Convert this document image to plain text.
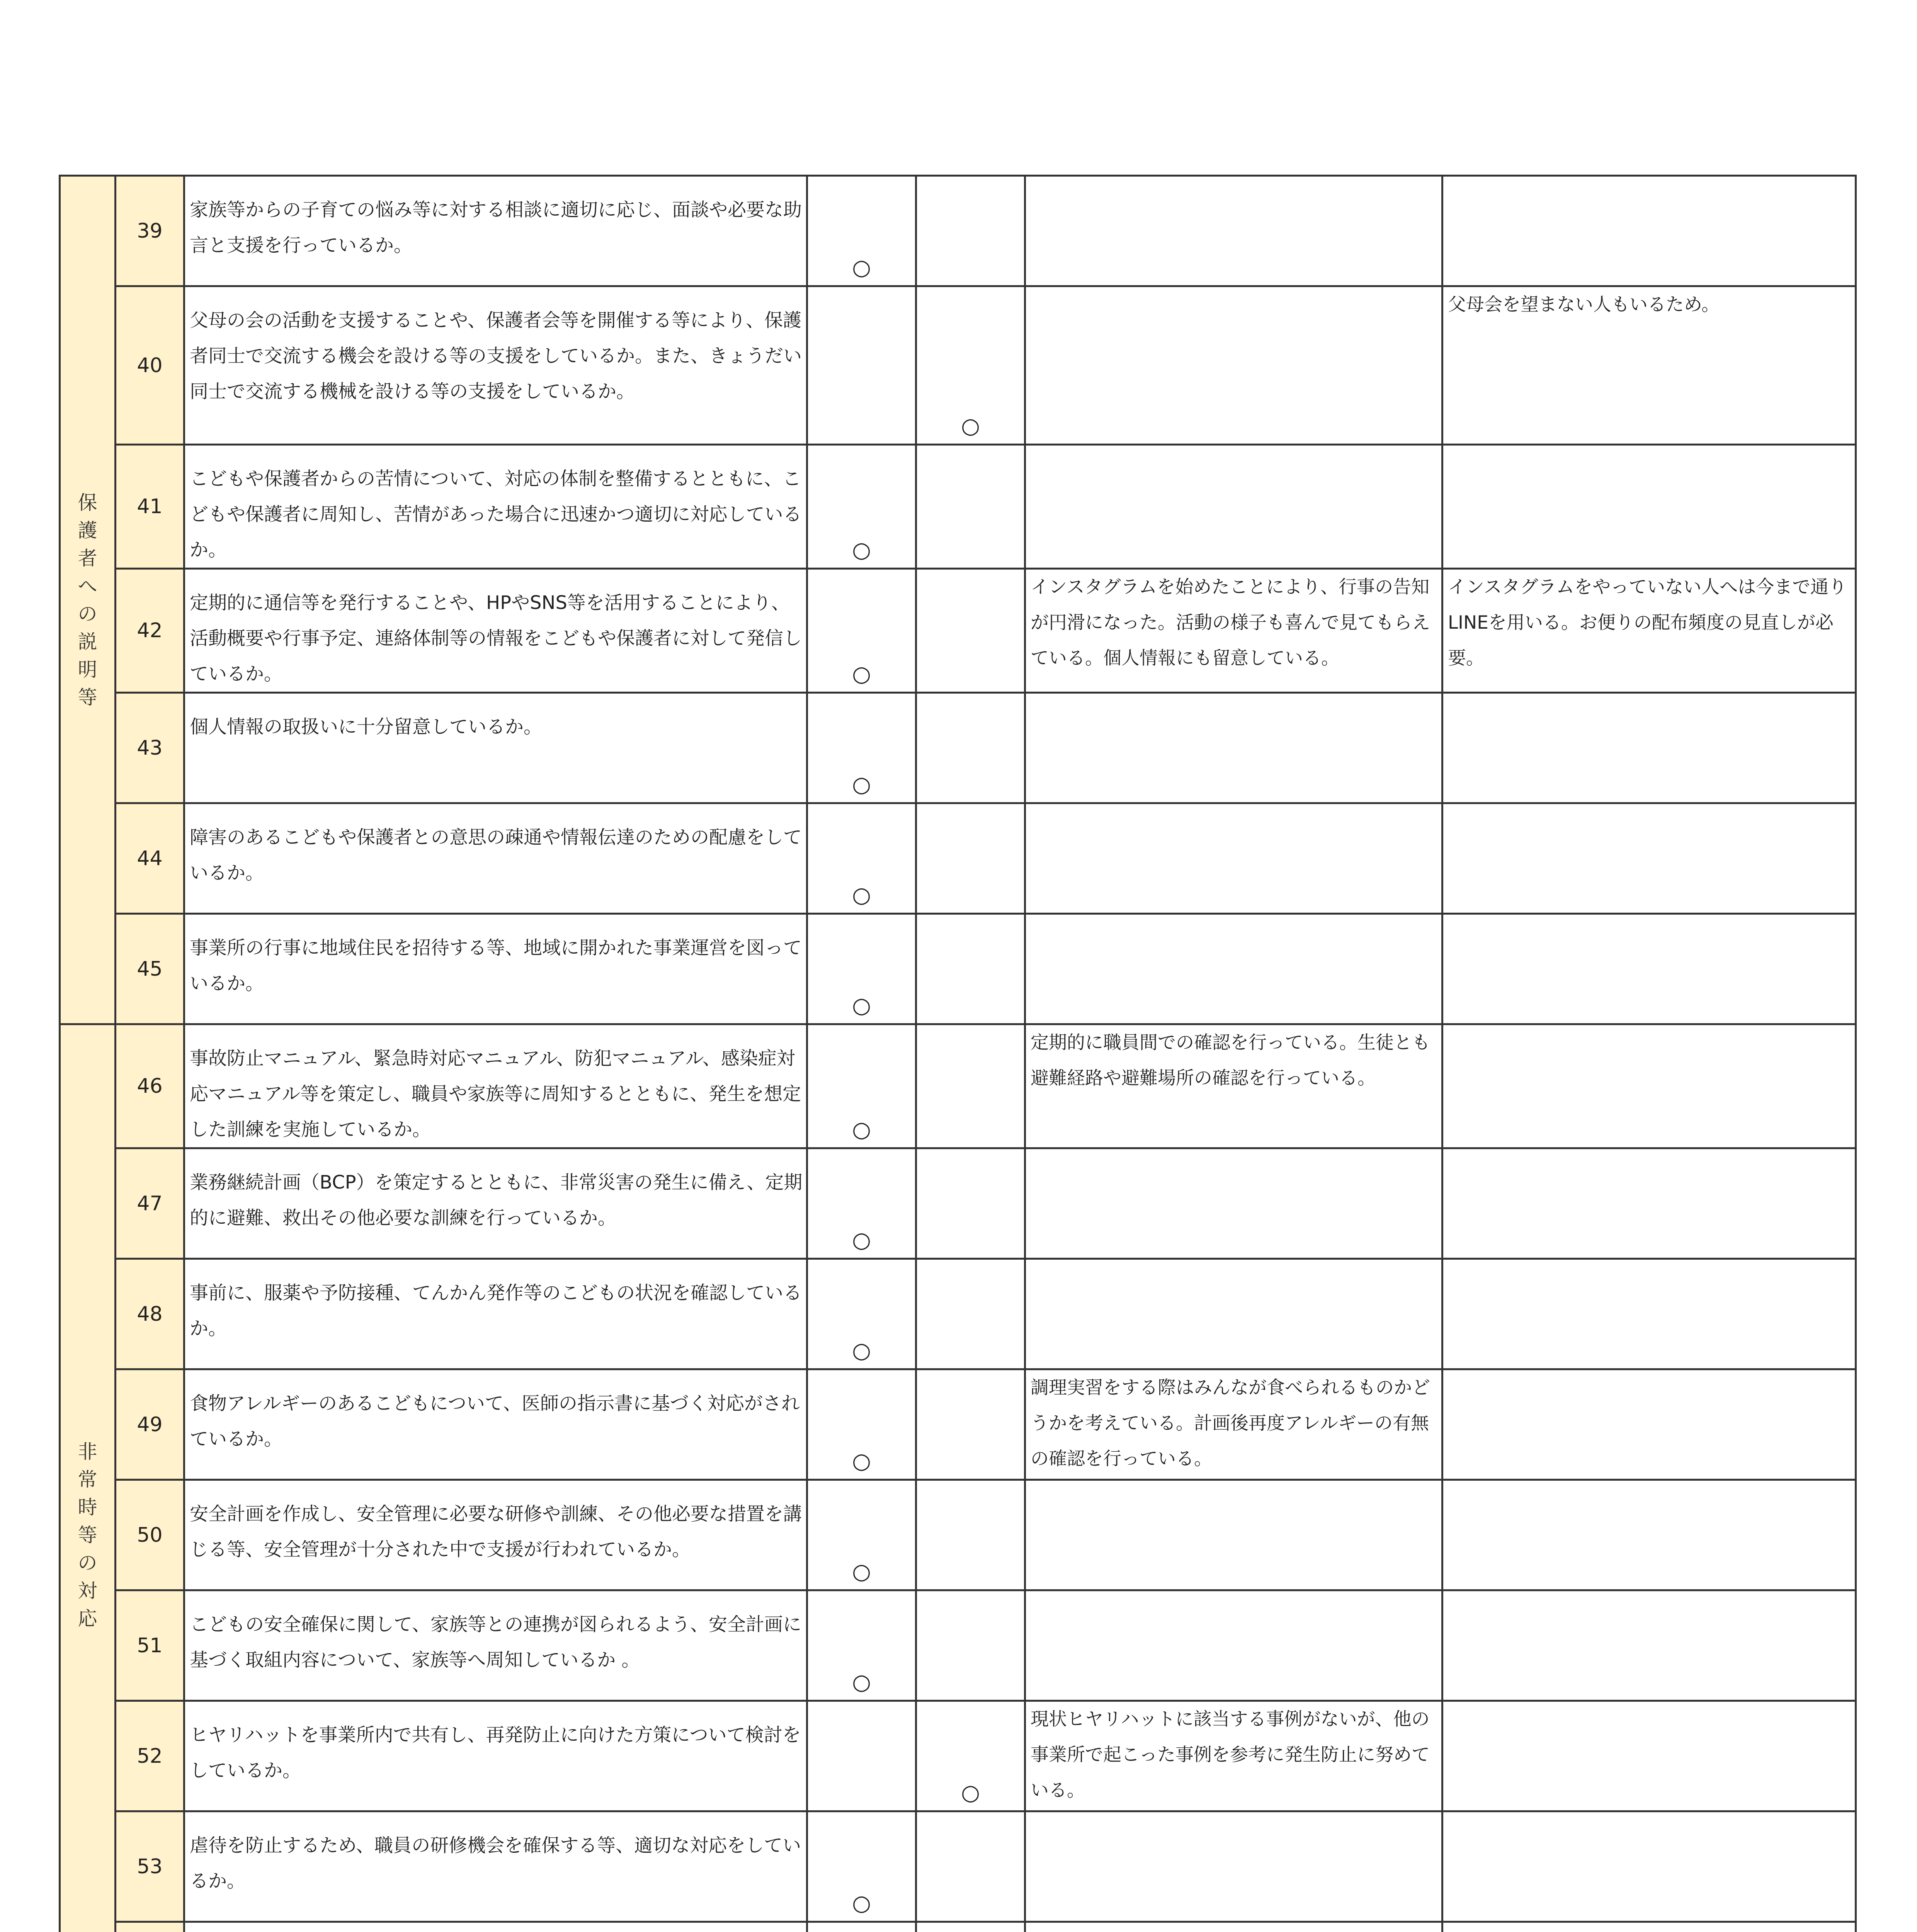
保護者への説明等	39	家族等からの子育ての悩み等に対する相談に適切に応じ、面談や必要な助言と支援を行っているか。	○			

	40	父母の会の活動を支援することや、保護者会等を開催する等により、保護者同士で交流する機会を設ける等の支援をしているか。また、きょうだい同士で交流する機械を設ける等の支援をしているか。		○		父母会を望まない人もいるため。
	41	こどもや保護者からの苦情について、対応の体制を整備するとともに、こどもや保護者に周知し、苦情があった場合に迅速かつ適切に対応しているか。	○			

	42	定期的に通信等を発行することや、HPやSNS等を活用することにより、活動概要や行事予定、連絡体制等の情報をこどもや保護者に対して発信しているか。	○		インスタグラムを始めたことにより、行事の告知が円滑になった。活動の様子も喜んで見てもらえている。個人情報にも留意している。	インスタグラムをやっていない人へは今まで通りLINEを用いる。お便りの配布頻度の見直しが必要。
	43	個人情報の取扱いに十分留意しているか。	○			

	44	障害のあるこどもや保護者との意思の疎通や情報伝達のための配慮をしているか。	○			

	45	事業所の行事に地域住民を招待する等、地域に開かれた事業運営を図っているか。	○			

非常時等の対応	46	事故防止マニュアル、緊急時対応マニュアル、防犯マニュアル、感染症対応マニュアル等を策定し、職員や家族等に周知するとともに、発生を想定した訓練を実施しているか。	○		定期的に職員間での確認を行っている。生徒とも避難経路や避難場所の確認を行っている。	
	47	業務継続計画（BCP）を策定するとともに、非常災害の発生に備え、定期的に避難、救出その他必要な訓練を行っているか。	○			

	48	事前に、服薬や予防接種、てんかん発作等のこどもの状況を確認しているか。	○			

	49	食物アレルギーのあるこどもについて、医師の指示書に基づく対応がされているか。	○		調理実習をする際はみんなが食べられるものかどうかを考えている。計画後再度アレルギーの有無の確認を行っている。	
	50	安全計画を作成し、安全管理に必要な研修や訓練、その他必要な措置を講じる等、安全管理が十分された中で支援が行われているか。	○			

	51	こどもの安全確保に関して、家族等との連携が図られるよう、安全計画に基づく取組内容について、家族等へ周知しているか 。	○			

	52	ヒヤリハットを事業所内で共有し、再発防止に向けた方策について検討をしているか。		○	現状ヒヤリハットに該当する事例がないが、他の事業所で起こった事例を参考に発生防止に努めている。	
	53	虐待を防止するため、職員の研修機会を確保する等、適切な対応をしているか。	○			
